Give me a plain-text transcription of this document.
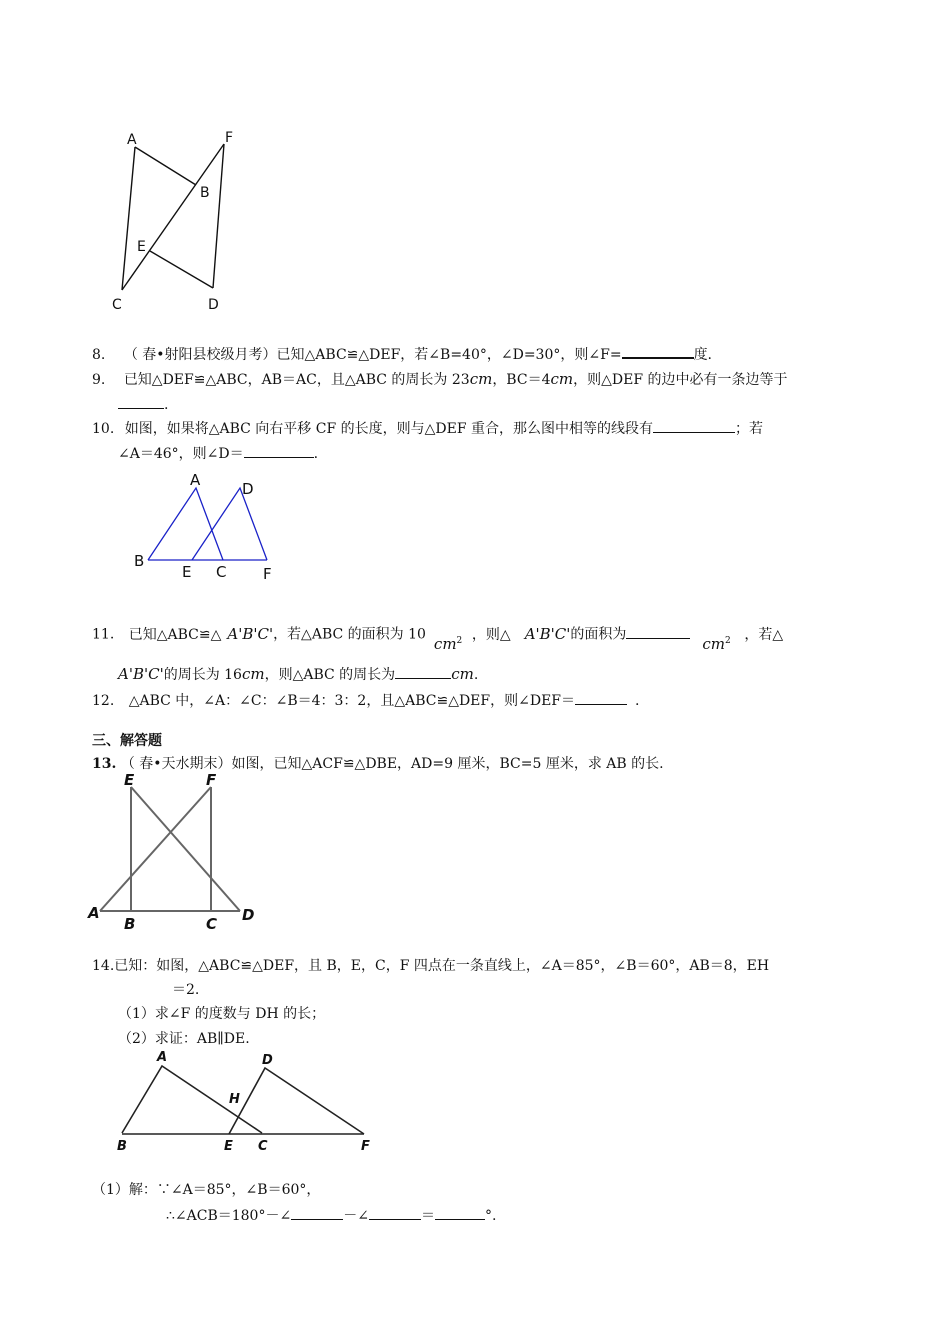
A	F
B
E
C	D
8. （ 春•射阳县校级月考）已知△ABC≌△DEF，若∠B=40°，∠D=30°，则∠F=	度.
9. 已知△DEF≌△ABC，AB＝AC，且△ABC 的周长为 23cm，BC＝4cm，则△DEF 的边中必有一条边等于
.
10. 如图，如果将△ABC 向右平移 CF 的长度，则与△DEF 重合，那么图中相等的线段有	；若
∠A＝46°，则∠D＝	.
A	D
B
E C F
11. 已知△ABC≌△ A'B'C'，若△ABC 的面积为 10 $cm^2$ ，则△ A'B'C'的面积为	$cm^2$ ，若△
A'B'C'的周长为 16cm，则△ABC 的周长为	cm.
12. △ABC 中，∠A：∠C：∠B＝4：3：2，且△ABC≌△DEF，则∠DEF＝	.
三、解答题
13. （ 春•天水期末）如图，已知△ACF≌△DBE，AD=9 厘米，BC=5 厘米，求 AB 的长.
E	F
A
B	C D
14.已知：如图，△ABC≌△DEF，且 B，E，C，F 四点在一条直线上，∠A＝85°，∠B＝60°，AB＝8，EH
＝2.
（1）求∠F 的度数与 DH 的长；
（2）求证：AB∥DE.
A	D
H
B	E C	F
（1）解：∵∠A＝85°，∠B＝60°，
∴∠ACB＝180°－∠	－∠	＝	°.
